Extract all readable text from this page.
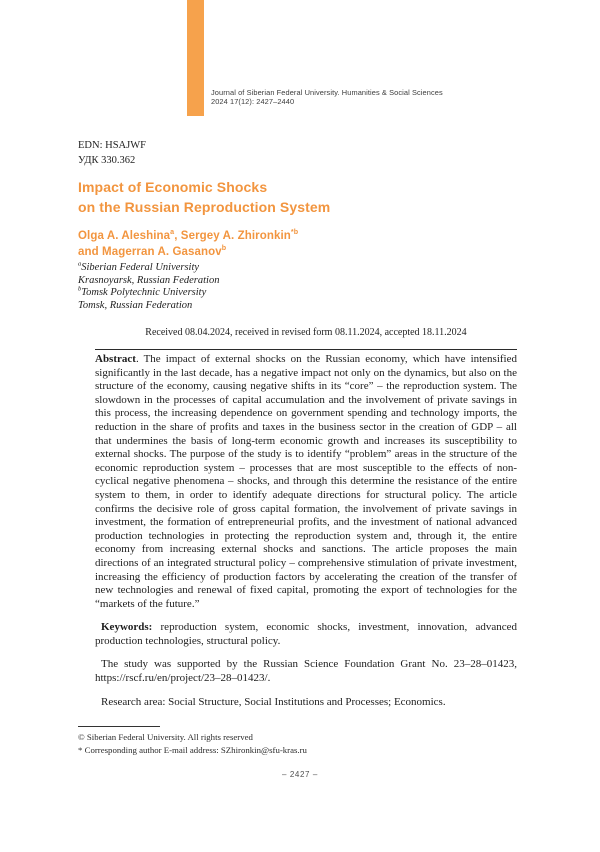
Journal of Siberian Federal University. Humanities & Social Sciences
2024 17(12): 2427–2440
EDN: HSAJWF
УДК 330.362
Impact of Economic Shocks
on the Russian Reproduction System
Olga A. Aleshina$^a$, Sergey A. Zhironkin$^{*b}$
and Magerran A. Gasanov$^b$
$^a$Siberian Federal University
Krasnoyarsk, Russian Federation
$^b$Tomsk Polytechnic University
Tomsk, Russian Federation
Received 08.04.2024, received in revised form 08.11.2024, accepted 18.11.2024

Abstract. The impact of external shocks on the Russian economy, which have intensified significantly in the last decade, has a negative impact not only on the dynamics, but also on the structure of the economy, causing negative shifts in its “core” – the reproduction system. The slowdown in the processes of capital accumulation and the involvement of private savings in this process, the increasing dependence on government spending and technology imports, the reduction in the share of profits and taxes in the business sector in the creation of GDP – all that undermines the basis of long-term economic growth and increases its susceptibility to external shocks. The purpose of the study is to identify “problem” areas in the structure of the economic reproduction system – processes that are most susceptible to the effects of non-cyclical negative phenomena – shocks, and through this determine the resistance of the entire system to them, in order to identify adequate directions for structural policy. The article confirms the decisive role of gross capital formation, the involvement of private savings in investment, the formation of entrepreneurial profits, and the investment of national advanced production technologies in protecting the reproduction system and, through it, the entire economy from increasing external shocks and sanctions. The article proposes the main directions of an integrated structural policy – comprehensive stimulation of private investment, increasing the efficiency of production factors by accelerating the creation of the transfer of new technologies and renewal of fixed capital, promoting the export of technologies for the “markets of the future.”

Keywords: reproduction system, economic shocks, investment, innovation, advanced production technologies, structural policy.

The study was supported by the Russian Science Foundation Grant No. 23–28–01423, https://rscf.ru/en/project/23–28–01423/.

Research area: Social Structure, Social Institutions and Processes; Economics.

© Siberian Federal University. All rights reserved
* Corresponding author E-mail address: SZhironkin@sfu-kras.ru
– 2427 –
